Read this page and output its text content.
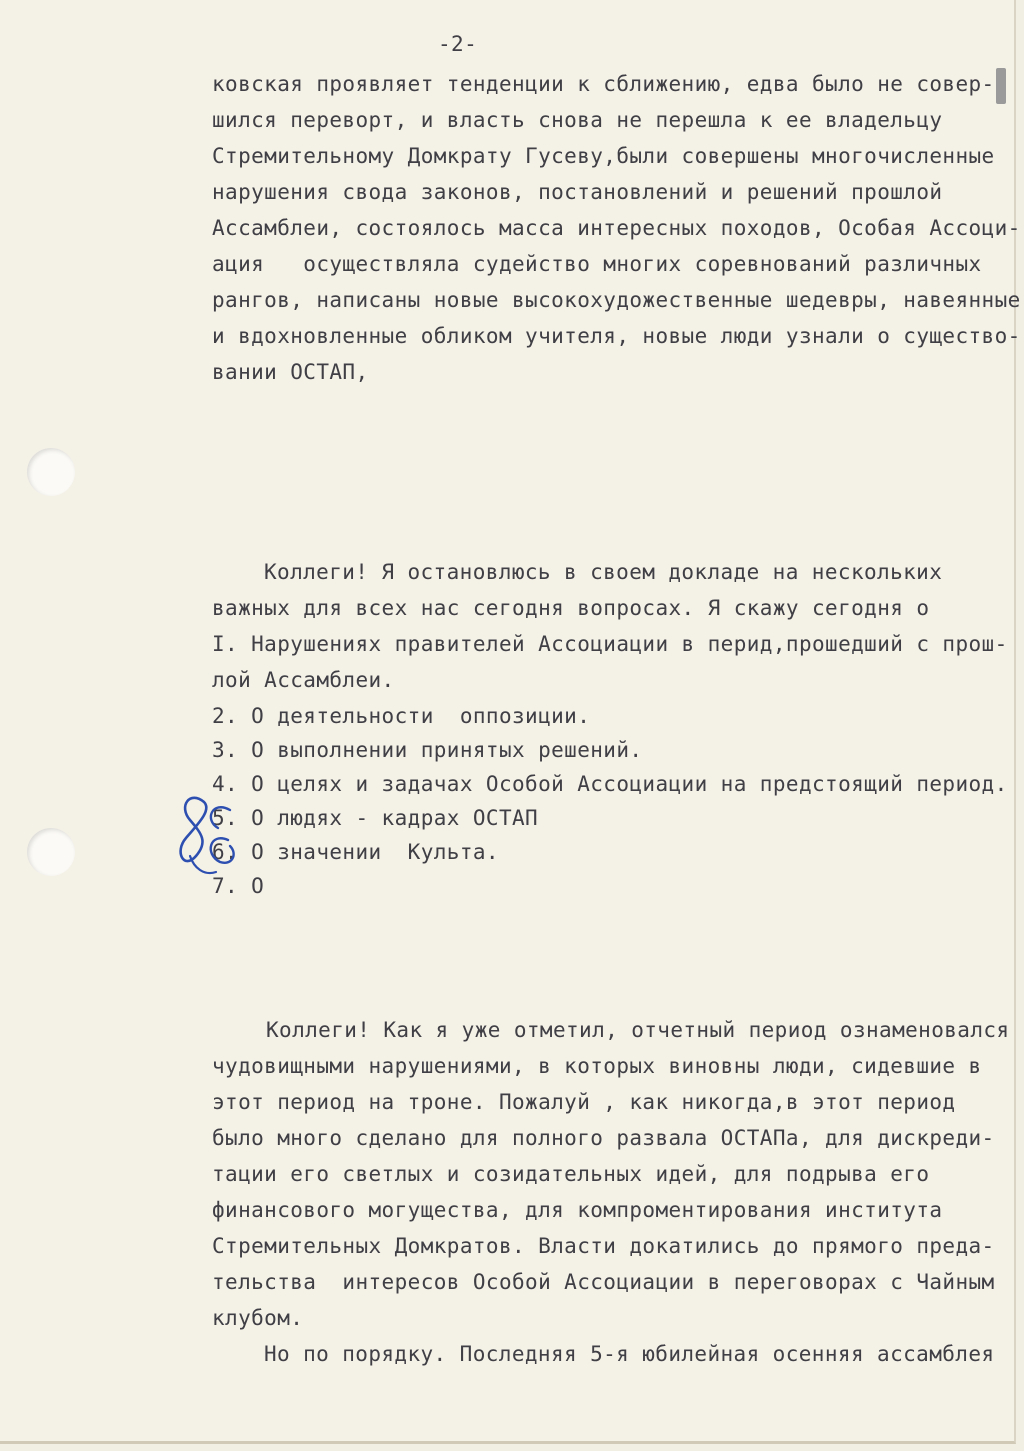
-2-
ковская проявляет тенденции к сближению, едва было не совер-
шился переворт, и власть снова не перешла к ее владельцу
Стремительному Домкрату Гусеву,были совершены многочисленные
нарушения свода законов, постановлений и решений прошлой
Ассамблеи, состоялось масса интересных походов, Особая Ассоци-
ация   осуществляла судейство многих соревнований различных
рангов, написаны новые высокохудожественные шедевры, навеянные
и вдохновленные обликом учителя, новые люди узнали о существо-
вании ОСТАП,
Коллеги! Я остановлюсь в своем докладе на нескольких
важных для всех нас сегодня вопросах. Я скажу сегодня о
I. Нарушениях правителей Ассоциации в перид,прошедший с прош-
лой Ассамблеи.
2. О деятельности  оппозиции.
3. О выполнении принятых решений.
4. О целях и задачах Особой Ассоциации на предстоящий период.
5. О людях - кадрах ОСТАП
6. О значении  Культа.
7. О
Коллеги! Как я уже отметил, отчетный период ознаменовался
чудовищными нарушениями, в которых виновны люди, сидевшие в
этот период на троне. Пожалуй , как никогда,в этот период
было много сделано для полного развала ОСТАПа, для дискреди-
тации его светлых и созидательных идей, для подрыва его
финансового могущества, для компроментирования института
Стремительных Домкратов. Власти докатились до прямого преда-
тельства  интересов Особой Ассоциации в переговорах с Чайным
клубом.
Но по порядку. Последняя 5-я юбилейная осенняя ассамблея
